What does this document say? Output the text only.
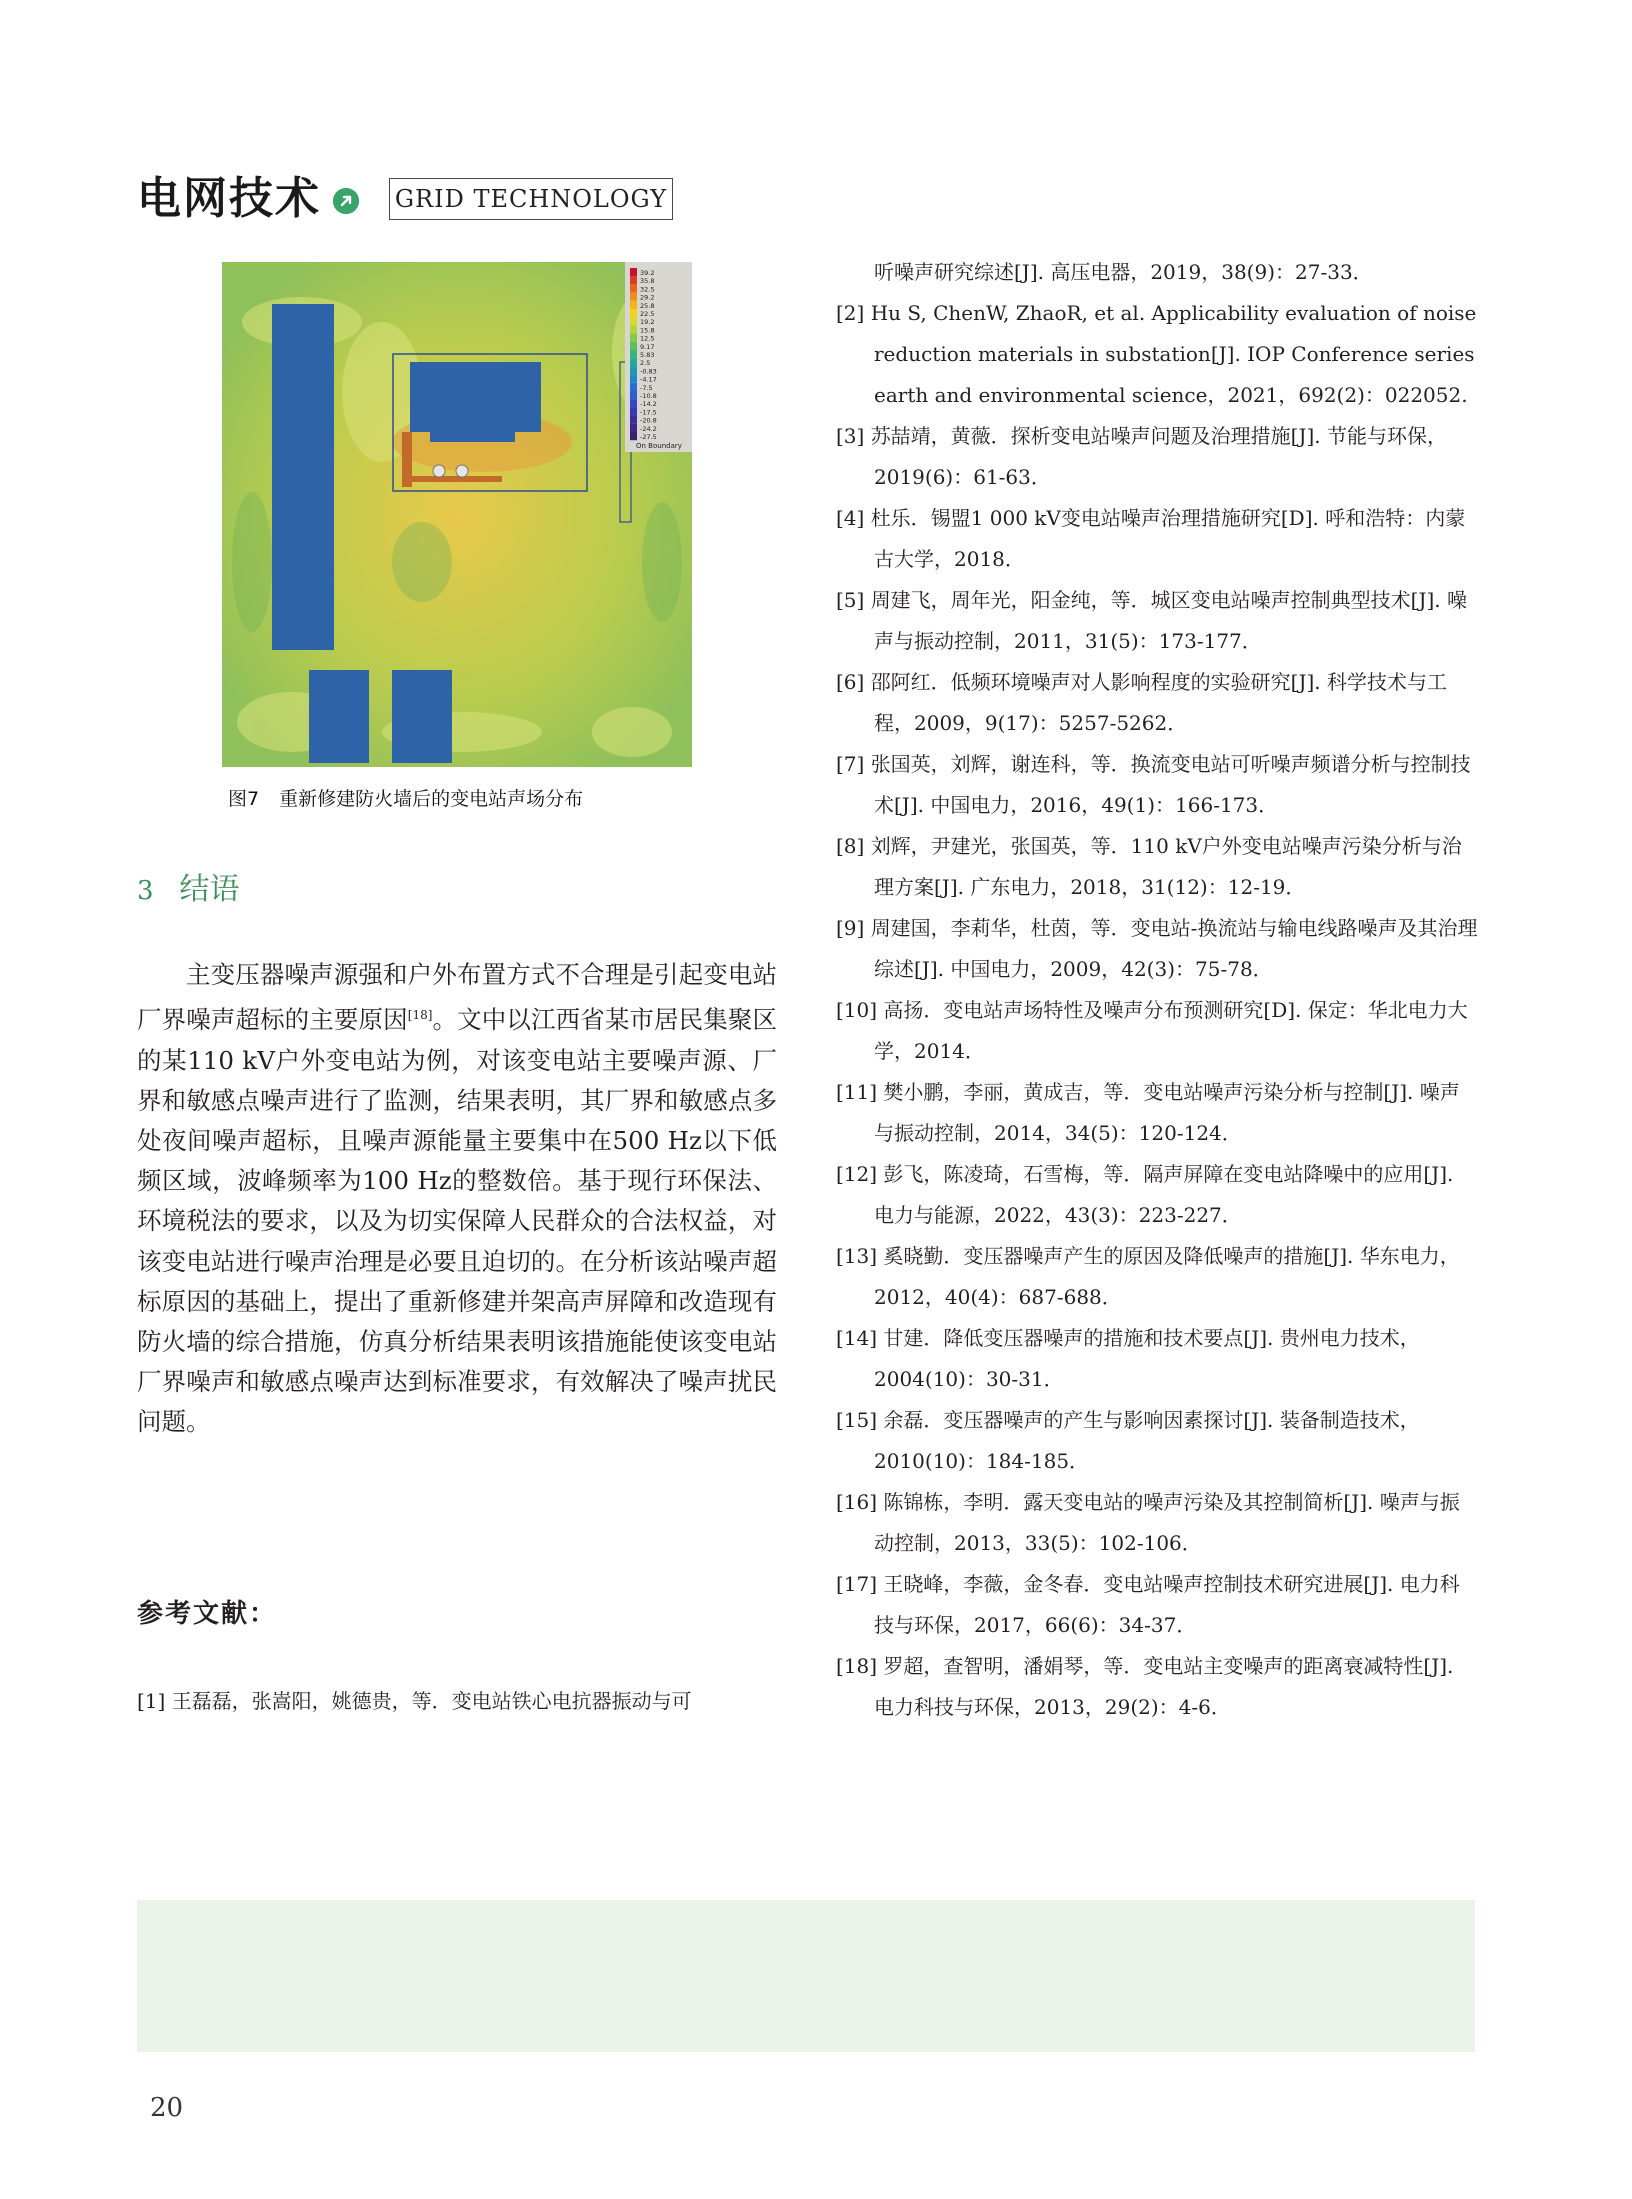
电网技术	GRID TECHNOLOGY
39.2
35.8
32.5
29.2
25.8
22.5
19.2
15.8
12.5
9.17
5.83
2.5
-0.83
-4.17
-7.5
-10.8
-14.2
-17.5
-20.8
-24.2
-27.5
On Boundary
图7 重新修建防火墙后的变电站声场分布
3 结语

主变压器噪声源强和户外布置方式不合理是引起变电站厂界噪声超标的主要原因[18]。文中以江西省某市居民集聚区的某110 kV户外变电站为例，对该变电站主要噪声源、厂界和敏感点噪声进行了监测，结果表明，其厂界和敏感点多处夜间噪声超标，且噪声源能量主要集中在500 Hz以下低频区域，波峰频率为100 Hz的整数倍。基于现行环保法、环境税法的要求，以及为切实保障人民群众的合法权益，对该变电站进行噪声治理是必要且迫切的。在分析该站噪声超标原因的基础上，提出了重新修建并架高声屏障和改造现有防火墙的综合措施，仿真分析结果表明该措施能使该变电站厂界噪声和敏感点噪声达到标准要求，有效解决了噪声扰民问题。

参考文献：
[1] 王磊磊，张嵩阳，姚德贵，等．变电站铁心电抗器振动与可
听噪声研究综述[J]. 高压电器，2019，38(9)：27-33．
[2] Hu S, ChenW, ZhaoR, et al. Applicability evaluation of noise reduction materials in substation[J]. IOP Conference series earth and environmental science，2021，692(2)：022052.
[3] 苏喆靖，黄薇．探析变电站噪声问题及治理措施[J]. 节能与环保，2019(6)：61-63．
[4] 杜乐．锡盟1 000 kV变电站噪声治理措施研究[D]. 呼和浩特：内蒙古大学，2018．
[5] 周建飞，周年光，阳金纯，等．城区变电站噪声控制典型技术[J]. 噪声与振动控制，2011，31(5)：173-177．
[6] 邵阿红．低频环境噪声对人影响程度的实验研究[J]. 科学技术与工程，2009，9(17)：5257-5262．
[7] 张国英，刘辉，谢连科，等．换流变电站可听噪声频谱分析与控制技术[J]. 中国电力，2016，49(1)：166-173．
[8] 刘辉，尹建光，张国英，等．110 kV户外变电站噪声污染分析与治理方案[J]. 广东电力，2018，31(12)：12-19．
[9] 周建国，李莉华，杜茵，等．变电站-换流站与输电线路噪声及其治理综述[J]. 中国电力，2009，42(3)：75-78．
[10] 高扬．变电站声场特性及噪声分布预测研究[D]. 保定：华北电力大学，2014．
[11] 樊小鹏，李丽，黄成吉，等．变电站噪声污染分析与控制[J]. 噪声与振动控制，2014，34(5)：120-124．
[12] 彭飞，陈凌琦，石雪梅，等．隔声屏障在变电站降噪中的应用[J]. 电力与能源，2022，43(3)：223-227．
[13] 奚晓勤．变压器噪声产生的原因及降低噪声的措施[J]. 华东电力，2012，40(4)：687-688．
[14] 甘建．降低变压器噪声的措施和技术要点[J]. 贵州电力技术，2004(10)：30-31．
[15] 余磊．变压器噪声的产生与影响因素探讨[J]. 装备制造技术，2010(10)：184-185．
[16] 陈锦栋，李明．露天变电站的噪声污染及其控制简析[J]. 噪声与振动控制，2013，33(5)：102-106．
[17] 王晓峰，李薇，金冬春．变电站噪声控制技术研究进展[J]. 电力科技与环保，2017，66(6)：34-37．
[18] 罗超，查智明，潘娟琴，等．变电站主变噪声的距离衰减特性[J]. 电力科技与环保，2013，29(2)：4-6．
20
